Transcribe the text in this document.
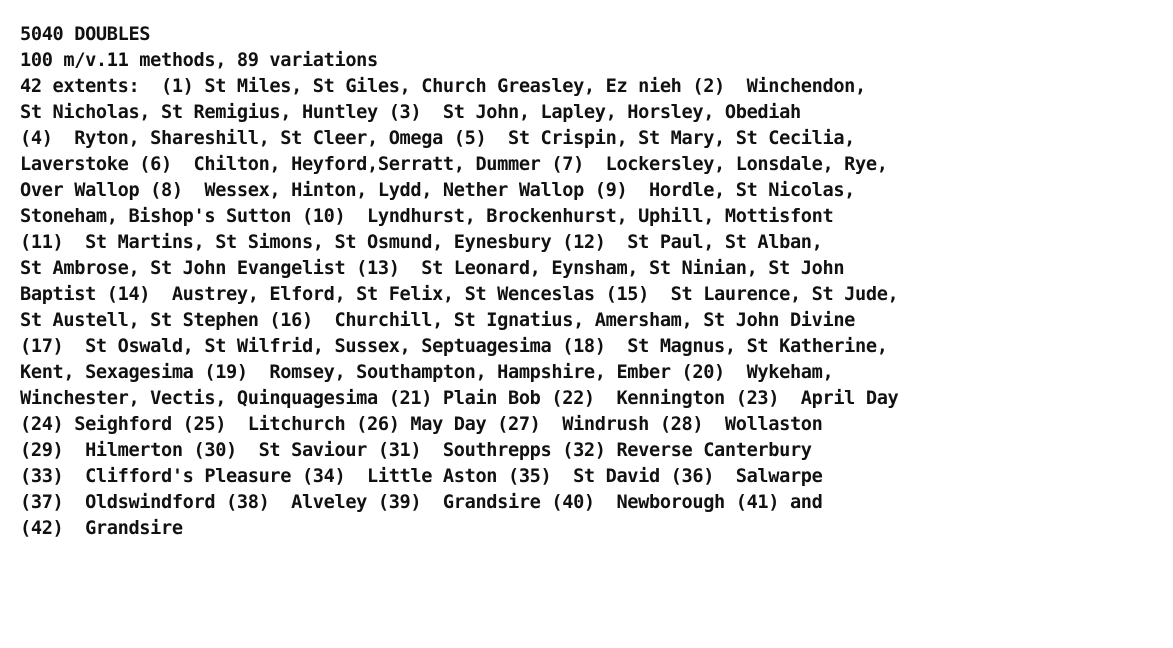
5040 DOUBLES
100 m/v.11 methods, 89 variations
42 extents:  (1) St Miles, St Giles, Church Greasley, Ez nieh (2)  Winchendon,
St Nicholas, St Remigius, Huntley (3)  St John, Lapley, Horsley, Obediah
(4)  Ryton, Shareshill, St Cleer, Omega (5)  St Crispin, St Mary, St Cecilia,
Laverstoke (6)  Chilton, Heyford,Serratt, Dummer (7)  Lockersley, Lonsdale, Rye,
Over Wallop (8)  Wessex, Hinton, Lydd, Nether Wallop (9)  Hordle, St Nicolas,
Stoneham, Bishop's Sutton (10)  Lyndhurst, Brockenhurst, Uphill, Mottisfont
(11)  St Martins, St Simons, St Osmund, Eynesbury (12)  St Paul, St Alban,
St Ambrose, St John Evangelist (13)  St Leonard, Eynsham, St Ninian, St John
Baptist (14)  Austrey, Elford, St Felix, St Wenceslas (15)  St Laurence, St Jude,
St Austell, St Stephen (16)  Churchill, St Ignatius, Amersham, St John Divine
(17)  St Oswald, St Wilfrid, Sussex, Septuagesima (18)  St Magnus, St Katherine,
Kent, Sexagesima (19)  Romsey, Southampton, Hampshire, Ember (20)  Wykeham,
Winchester, Vectis, Quinquagesima (21) Plain Bob (22)  Kennington (23)  April Day
(24) Seighford (25)  Litchurch (26) May Day (27)  Windrush (28)  Wollaston
(29)  Hilmerton (30)  St Saviour (31)  Southrepps (32) Reverse Canterbury
(33)  Clifford's Pleasure (34)  Little Aston (35)  St David (36)  Salwarpe
(37)  Oldswindford (38)  Alveley (39)  Grandsire (40)  Newborough (41) and
(42)  Grandsire
